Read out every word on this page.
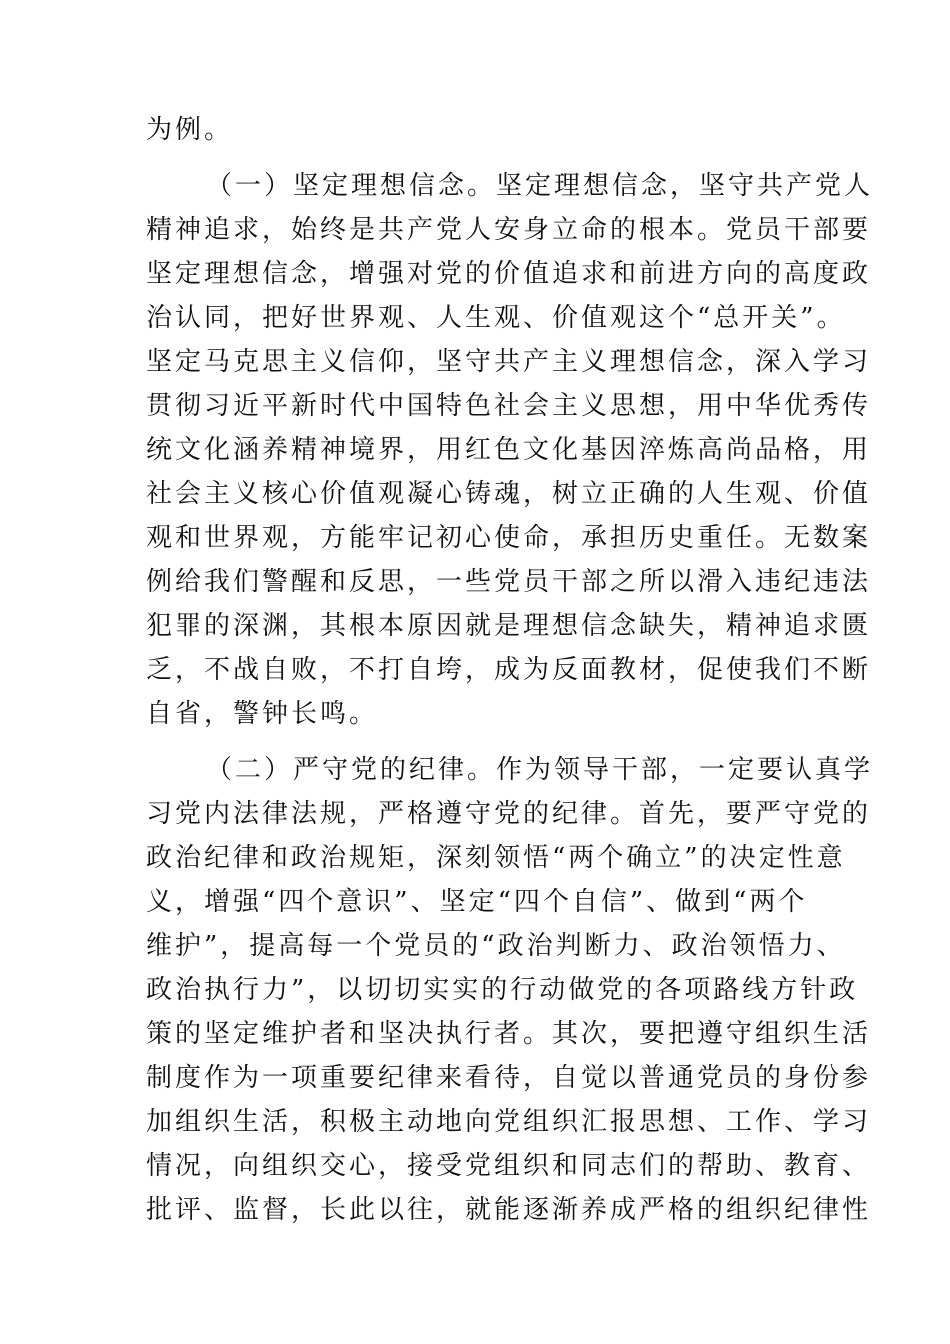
为例。
（一）坚定理想信念。坚定理想信念，坚守共产党人
精神追求，始终是共产党人安身立命的根本。党员干部要
坚定理想信念，增强对党的价值追求和前进方向的高度政
治认同，把好世界观、人生观、价值观这个“总开关”。
坚定马克思主义信仰，坚守共产主义理想信念，深入学习
贯彻习近平新时代中国特色社会主义思想，用中华优秀传
统文化涵养精神境界，用红色文化基因淬炼高尚品格，用
社会主义核心价值观凝心铸魂，树立正确的人生观、价值
观和世界观，方能牢记初心使命，承担历史重任。无数案
例给我们警醒和反思，一些党员干部之所以滑入违纪违法
犯罪的深渊，其根本原因就是理想信念缺失，精神追求匮
乏，不战自败，不打自垮，成为反面教材，促使我们不断
自省，警钟长鸣。
（二）严守党的纪律。作为领导干部，一定要认真学
习党内法律法规，严格遵守党的纪律。首先，要严守党的
政治纪律和政治规矩，深刻领悟“两个确立”的决定性意
义，增强“四个意识”、坚定“四个自信”、做到“两个
维护”，提高每一个党员的“政治判断力、政治领悟力、
政治执行力”，以切切实实的行动做党的各项路线方针政
策的坚定维护者和坚决执行者。其次，要把遵守组织生活
制度作为一项重要纪律来看待，自觉以普通党员的身份参
加组织生活，积极主动地向党组织汇报思想、工作、学习
情况，向组织交心，接受党组织和同志们的帮助、教育、
批评、监督，长此以往，就能逐渐养成严格的组织纪律性
